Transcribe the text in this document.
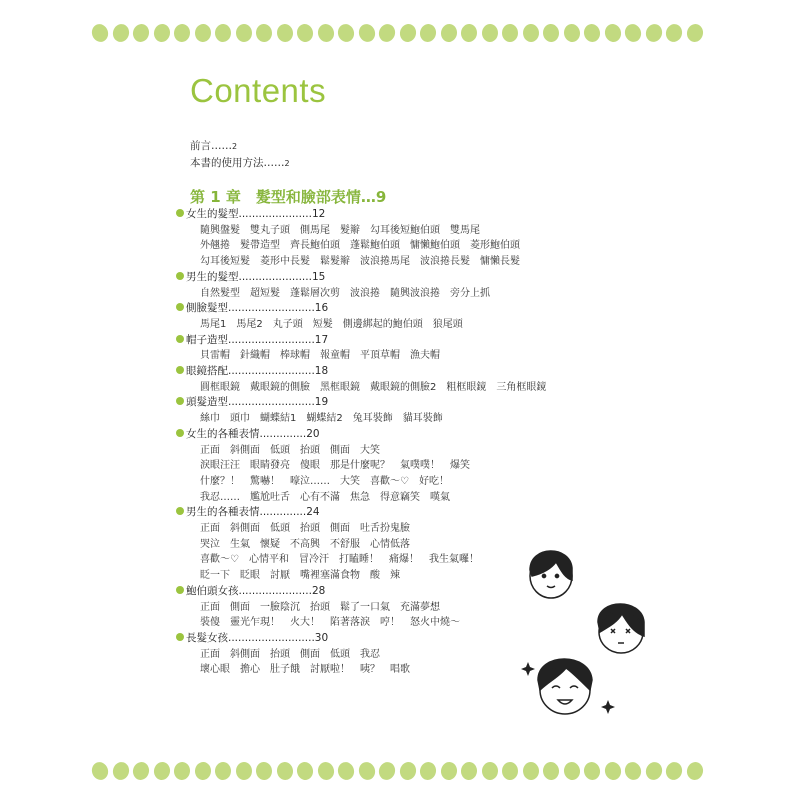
Contents
前言……2
本書的使用方法……2
第 1 章　髮型和臉部表情…9
女生的髮型......................12
隨興盤髮　雙丸子頭　側馬尾　髮辮　勾耳後短鮑伯頭　雙馬尾
外翹捲　髮帶造型　齊長鮑伯頭　蓬鬆鮑伯頭　慵懶鮑伯頭　菱形鮑伯頭
勾耳後短髮　菱形中長髮　鬆髮辮　波浪捲馬尾　波浪捲長髮　慵懶長髮
男生的髮型......................15
自然髮型　超短髮　蓬鬆層次剪　波浪捲　隨興波浪捲　旁分上抓
側臉髮型..........................16
馬尾1　馬尾2　丸子頭　短髮　側邊綁起的鮑伯頭　狼尾頭
帽子造型..........................17
貝雷帽　針織帽　棒球帽　報童帽　平頂草帽　漁夫帽
眼鏡搭配..........................18
圓框眼鏡　戴眼鏡的側臉　黑框眼鏡　戴眼鏡的側臉2　粗框眼鏡　三角框眼鏡
頭髮造型..........................19
絲巾　頭巾　蝴蝶結1　蝴蝶結2　兔耳裝飾　貓耳裝飾
女生的各種表情..............20
正面　斜側面　低頭　抬頭　側面　大笑
淚眼汪汪　眼睛發亮　傻眼　那是什麼呢？　氣噗噗！　爆笑
什麼？！　驚嚇！　嚎泣……　大笑　喜歡～♡　好吃！
我忍……　尷尬吐舌　心有不滿　焦急　得意竊笑　嘆氣
男生的各種表情..............24
正面　斜側面　低頭　抬頭　側面　吐舌扮鬼臉
哭泣　生氣　懷疑　不高興　不舒服　心情低落
喜歡～♡　心情平和　冒冷汗　打瞌睡！　痛爆！　我生氣囉！
眨一下　眨眼　討厭　嘴裡塞滿食物　酸　辣
鮑伯頭女孩......................28
正面　側面　一臉陰沉　抬頭　鬆了一口氣　充滿夢想
裝傻　靈光乍現！　火大！　陷著落淚　哼！　怒火中燒～
長髮女孩..........................30
正面　斜側面　抬頭　側面　低頭　我忍
壞心眼　擔心　肚子餓　討厭啦！　咦？　唱歌
